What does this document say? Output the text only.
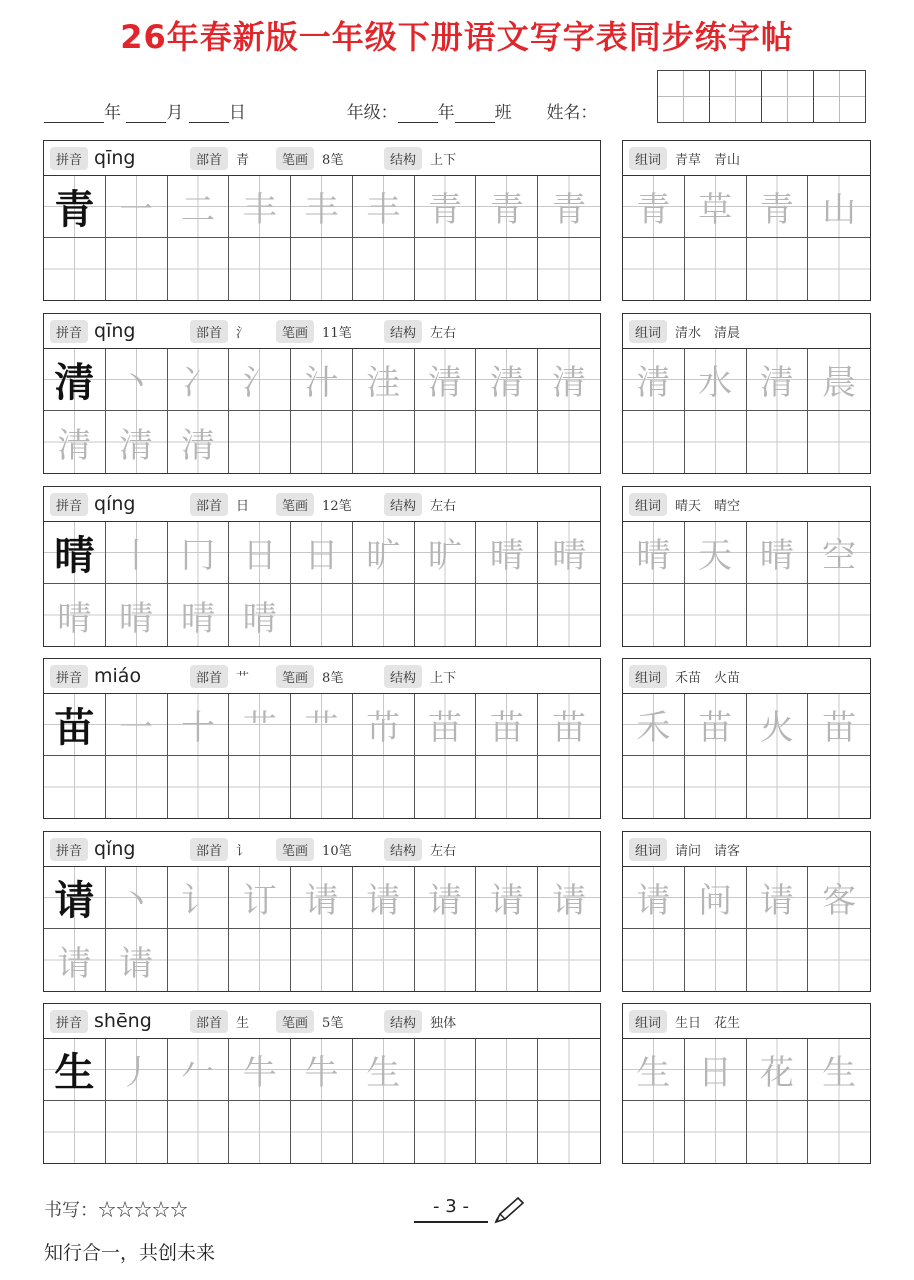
26年春新版一年级下册语文写字表同步练字帖
年	月	日	年级： 年 班 姓名：
拼音 qīng	部首	青	笔画	8笔	结构	上下
青 一 二 丰 丰 丰 青 青 青
组词	青草　青山
青 草 青 山
拼音 qīng	部首	氵	笔画	11笔	结构	左右
清 丶 冫 氵 汁 洼 清 清 清
清 清 清
组词	清水　清晨
清 水 清 晨
拼音 qíng	部首	日	笔画	12笔	结构	左右
晴 丨 冂 日 日 旷 旷 晴 晴
晴 晴 晴 晴
组词	晴天　晴空
晴 天 晴 空
拼音 miáo	部首	艹	笔画	8笔	结构	上下
苗 一 十 艹 艹 芇 苗 苗 苗
组词	禾苗　火苗
禾 苗 火 苗
拼音 qǐng	部首	讠	笔画	10笔	结构	左右
请 丶 讠 订 请 请 请 请 请
请 请
组词	请问　请客
请 问 请 客
拼音 shēng	部首	生	笔画	5笔	结构	独体
生 丿 𠂉 牛 牛 生
组词	生日　花生
生 日 花 生
书写：☆☆☆☆☆	- 3 -
知行合一，共创未来
